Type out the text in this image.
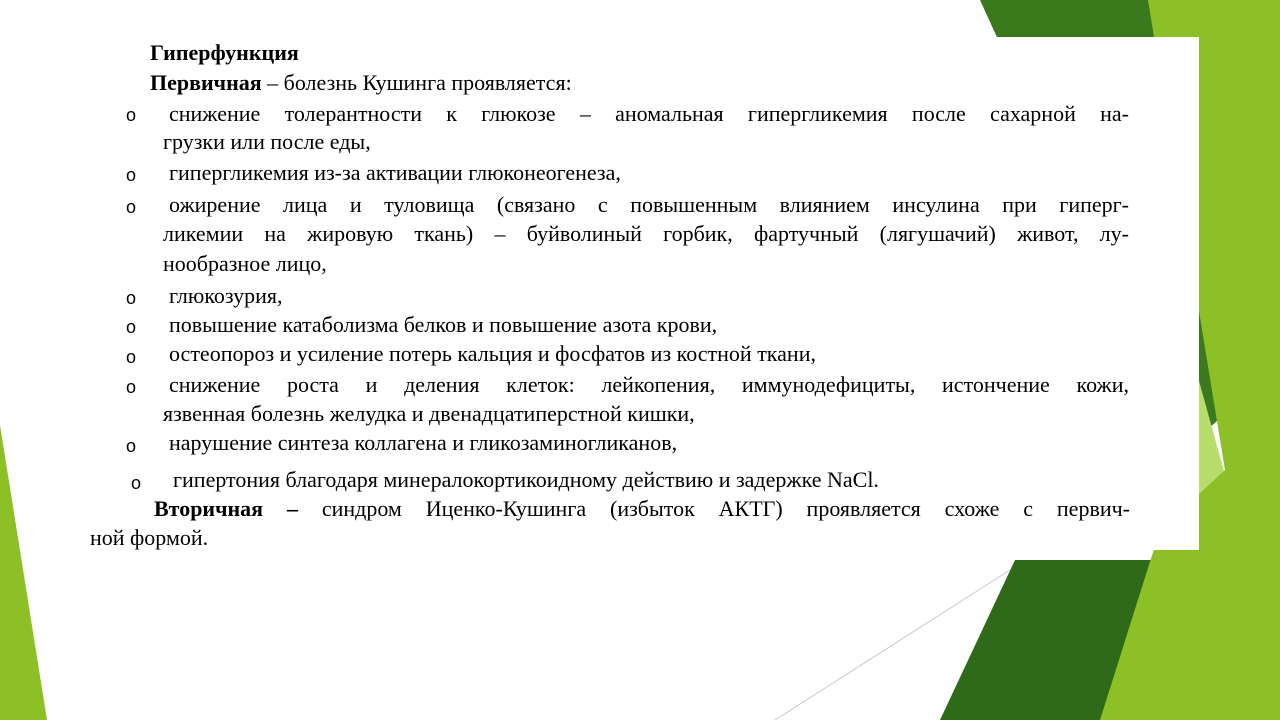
Гиперфункция
Первичная – болезнь Кушинга проявляется:
o снижение толерантности к глюкозе – аномальная гипергликемия после сахарной на-
грузки или после еды,
o гипергликемия из-за активации глюконеогенеза,
o ожирение лица и туловища (связано с повышенным влиянием инсулина при гиперг-
ликемии на жировую ткань) – буйволиный горбик, фартучный (лягушачий) живот, лу-
нообразное лицо,
o глюкозурия,
o повышение катаболизма белков и повышение азота крови,
o остеопороз и усиление потерь кальция и фосфатов из костной ткани,
o снижение роста и деления клеток: лейкопения, иммунодефициты, истончение кожи,
язвенная болезнь желудка и двенадцатиперстной кишки,
o нарушение синтеза коллагена и гликозаминогликанов,
o гипертония благодаря минералокортикоидному действию и задержке NaCl.
Вторичная – синдром Иценко-Кушинга (избыток АКТГ) проявляется схоже с первич-
ной формой.
